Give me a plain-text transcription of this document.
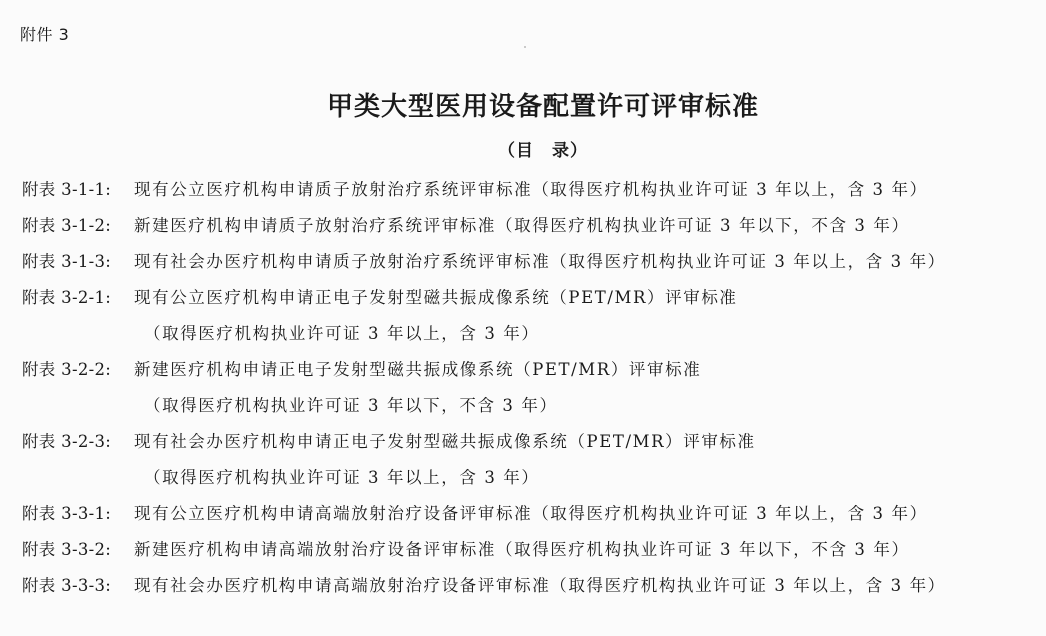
附件 3
甲类大型医用设备配置许可评审标准
（目　录）
附表 3-1-1:	现有公立医疗机构申请质子放射治疗系统评审标准（取得医疗机构执业许可证 3 年以上，含 3 年）
附表 3-1-2:	新建医疗机构申请质子放射治疗系统评审标准（取得医疗机构执业许可证 3 年以下，不含 3 年）
附表 3-1-3:	现有社会办医疗机构申请质子放射治疗系统评审标准（取得医疗机构执业许可证 3 年以上，含 3 年）
附表 3-2-1:	现有公立医疗机构申请正电子发射型磁共振成像系统（PET/MR）评审标准
（取得医疗机构执业许可证 3 年以上，含 3 年）
附表 3-2-2:	新建医疗机构申请正电子发射型磁共振成像系统（PET/MR）评审标准
（取得医疗机构执业许可证 3 年以下，不含 3 年）
附表 3-2-3:	现有社会办医疗机构申请正电子发射型磁共振成像系统（PET/MR）评审标准
（取得医疗机构执业许可证 3 年以上，含 3 年）
附表 3-3-1:	现有公立医疗机构申请高端放射治疗设备评审标准（取得医疗机构执业许可证 3 年以上，含 3 年）
附表 3-3-2:	新建医疗机构申请高端放射治疗设备评审标准（取得医疗机构执业许可证 3 年以下，不含 3 年）
附表 3-3-3:	现有社会办医疗机构申请高端放射治疗设备评审标准（取得医疗机构执业许可证 3 年以上，含 3 年）
